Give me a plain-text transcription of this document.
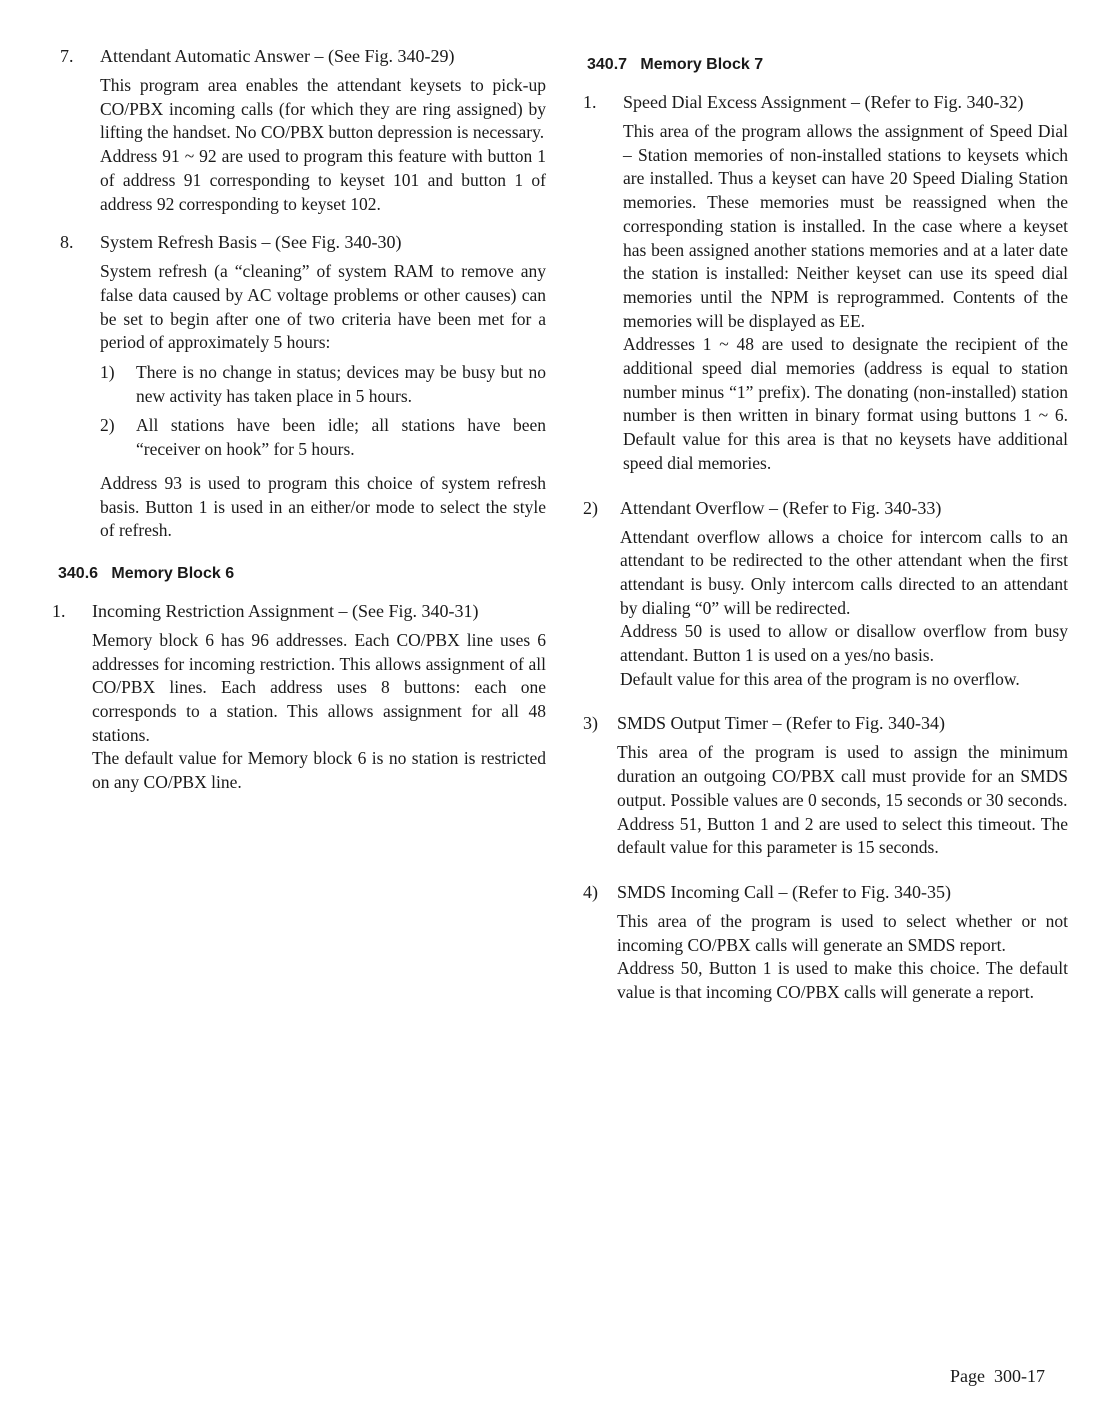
7.	Attendant Automatic Answer – (See Fig. 340-29)

This program area enables the attendant keysets to pick-up CO/PBX incoming calls (for which they are ring assigned) by lifting the handset. No CO/PBX button depression is necessary.

Address 91 ~ 92 are used to program this feature with button 1 of address 91 corresponding to keyset 101 and button 1 of address 92 corresponding to keyset 102.

8.	System Refresh Basis – (See Fig. 340-30)

System refresh (a “cleaning” of system RAM to remove any false data caused by AC voltage problems or other causes) can be set to begin after one of two criteria have been met for a period of approximately 5 hours:

1)	There is no change in status; devices may be busy but no new activity has taken place in 5 hours.

2)	All stations have been idle; all stations have been “receiver on hook” for 5 hours.

Address 93 is used to program this choice of system refresh basis. Button 1 is used in an either/or mode to select the style of refresh.

340.6   Memory Block 6
1.	Incoming Restriction Assignment – (See Fig. 340-31)

Memory block 6 has 96 addresses. Each CO/PBX line uses 6 addresses for incoming restriction. This allows assignment of all CO/PBX lines. Each address uses 8 buttons: each one corresponds to a station. This allows assignment for all 48 stations.

The default value for Memory block 6 is no station is restricted on any CO/PBX line.

340.7   Memory Block 7
1.	Speed Dial Excess Assignment – (Refer to Fig. 340-32)

This area of the program allows the assignment of Speed Dial – Station memories of non-installed stations to keysets which are installed. Thus a keyset can have 20 Speed Dialing Station memories. These memories must be reassigned when the corresponding station is installed. In the case where a keyset has been assigned another stations memories and at a later date the station is installed: Neither keyset can use its speed dial memories until the NPM is reprogrammed. Contents of the memories will be displayed as EE.

Addresses 1 ~ 48 are used to designate the recipient of the additional speed dial memories (address is equal to station number minus “1” prefix). The donating (non-installed) station number is then written in binary format using buttons 1 ~ 6. Default value for this area is that no keysets have additional speed dial memories.

2)	Attendant Overflow – (Refer to Fig. 340-33)

Attendant overflow allows a choice for intercom calls to an attendant to be redirected to the other attendant when the first attendant is busy. Only intercom calls directed to an attendant by dialing “0” will be redirected.

Address 50 is used to allow or disallow overflow from busy attendant. Button 1 is used on a yes/no basis.

Default value for this area of the program is no overflow.

3)	SMDS Output Timer – (Refer to Fig. 340-34)

This area of the program is used to assign the minimum duration an outgoing CO/PBX call must provide for an SMDS output. Possible values are 0 seconds, 15 seconds or 30 seconds.

Address 51, Button 1 and 2 are used to select this timeout. The default value for this parameter is 15 seconds.

4)	SMDS Incoming Call – (Refer to Fig. 340-35)

This area of the program is used to select whether or not incoming CO/PBX calls will generate an SMDS report.

Address 50, Button 1 is used to make this choice. The default value is that incoming CO/PBX calls will generate a report.

Page  300-17
